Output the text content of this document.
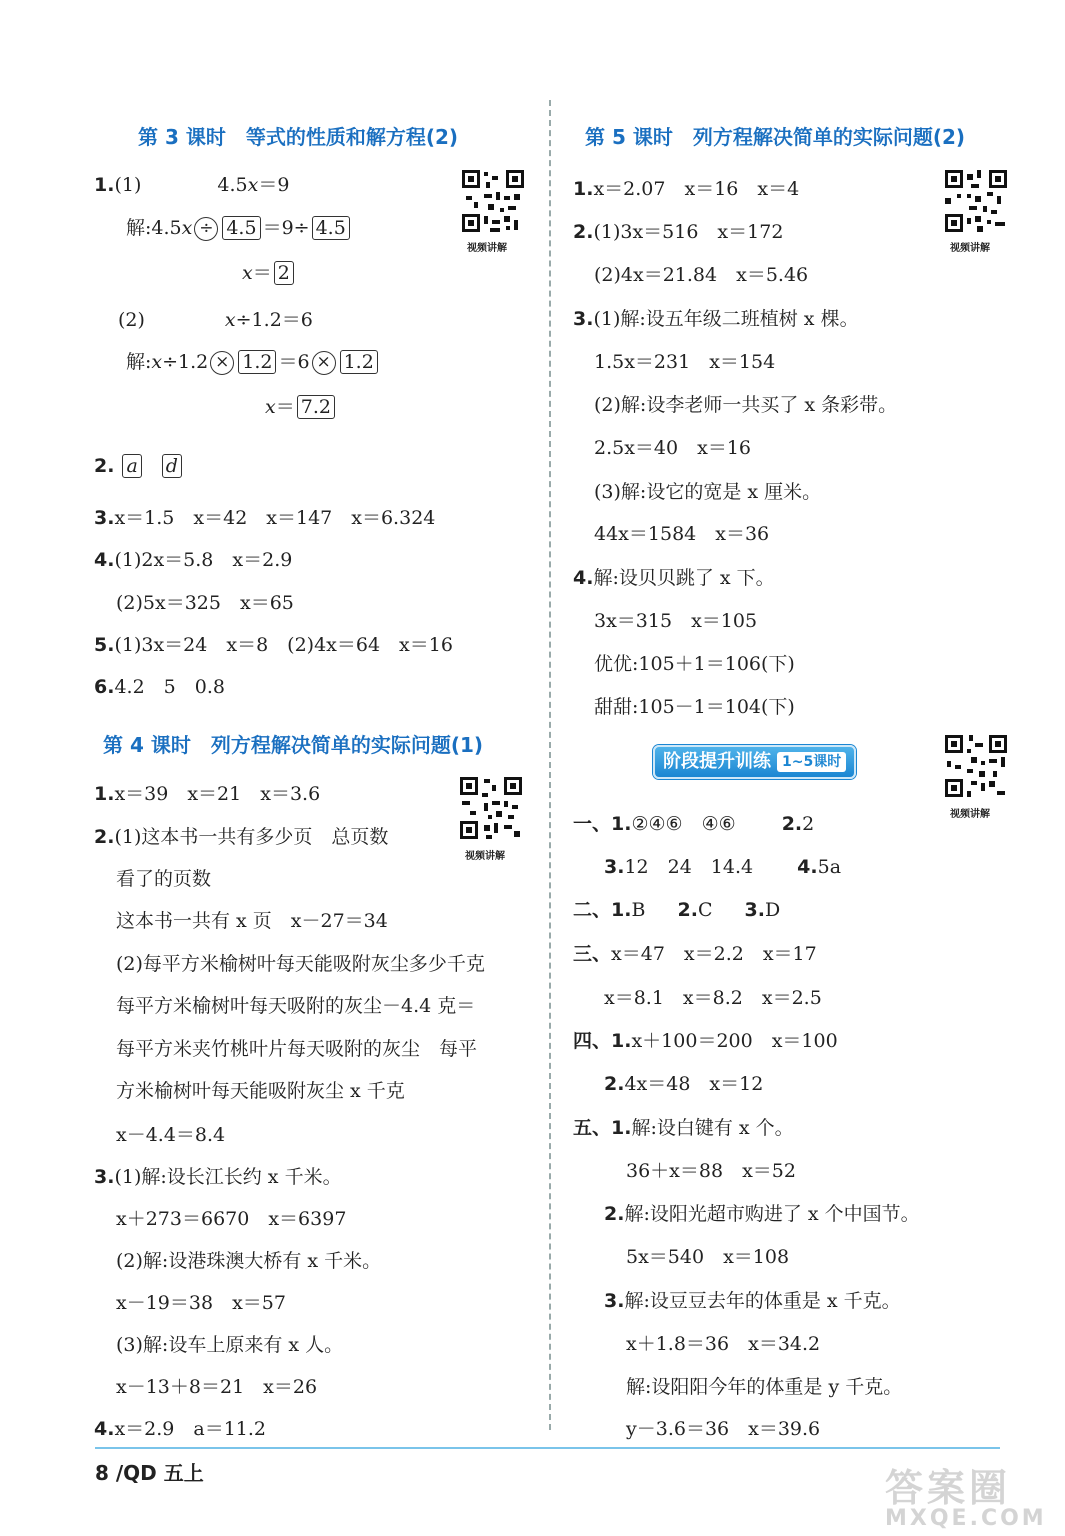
第 3 课时　等式的性质和解方程(2)
视频讲解
1.(1)	4.5x＝9
解:4.5x ÷ 4.5 ＝9÷ 4.5
x＝ 2
(2)	x÷1.2＝6
解:x÷1.2 × 1.2 ＝6 × 1.2
x＝ 7.2
2. a d
3.x＝1.5　x＝42　x＝147　x＝6.324
4.(1)2x＝5.8　x＝2.9
(2)5x＝325　x＝65
5.(1)3x＝24　x＝8　(2)4x＝64　x＝16
6.4.2　5　0.8
第 4 课时　列方程解决简单的实际问题(1)
视频讲解
1.x＝39　x＝21　x＝3.6
2.(1)这本书一共有多少页　总页数
看了的页数
这本书一共有 x 页　x－27＝34
(2)每平方米榆树叶每天能吸附灰尘多少千克
每平方米榆树叶每天吸附的灰尘－4.4 克＝
每平方米夹竹桃叶片每天吸附的灰尘　每平
方米榆树叶每天能吸附灰尘 x 千克
x－4.4＝8.4
3.(1)解:设长江长约 x 千米。
x＋273＝6670　x＝6397
(2)解:设港珠澳大桥有 x 千米。
x－19＝38　x＝57
(3)解:设车上原来有 x 人。
x－13＋8＝21　x＝26
4.x＝2.9　a＝11.2
第 5 课时　列方程解决简单的实际问题(2)
视频讲解
1.x＝2.07　x＝16　x＝4
2.(1)3x＝516　x＝172
(2)4x＝21.84　x＝5.46
3.(1)解:设五年级二班植树 x 棵。
1.5x＝231　x＝154
(2)解:设李老师一共买了 x 条彩带。
2.5x＝40　x＝16
(3)解:设它的宽是 x 厘米。
44x＝1584　x＝36
4.解:设贝贝跳了 x 下。
3x＝315　x＝105
优优:105＋1＝106(下)
甜甜:105－1＝104(下)
阶段提升训练 1~5课时
视频讲解
一、1.②④⑥　④⑥ 2.2
3.12　24　14.4 4.5a
二、1.B 2.C 3.D
三、x＝47　x＝2.2　x＝17
x＝8.1　x＝8.2　x＝2.5
四、1.x＋100＝200　x＝100
2.4x＝48　x＝12
五、1.解:设白键有 x 个。
36＋x＝88　x＝52
2.解:设阳光超市购进了 x 个中国节。
5x＝540　x＝108
3.解:设豆豆去年的体重是 x 千克。
x＋1.8＝36　x＝34.2
解:设阳阳今年的体重是 y 千克。
y－3.6＝36　x＝39.6
8 /QD 五上	答案圈
MXQE.COM
